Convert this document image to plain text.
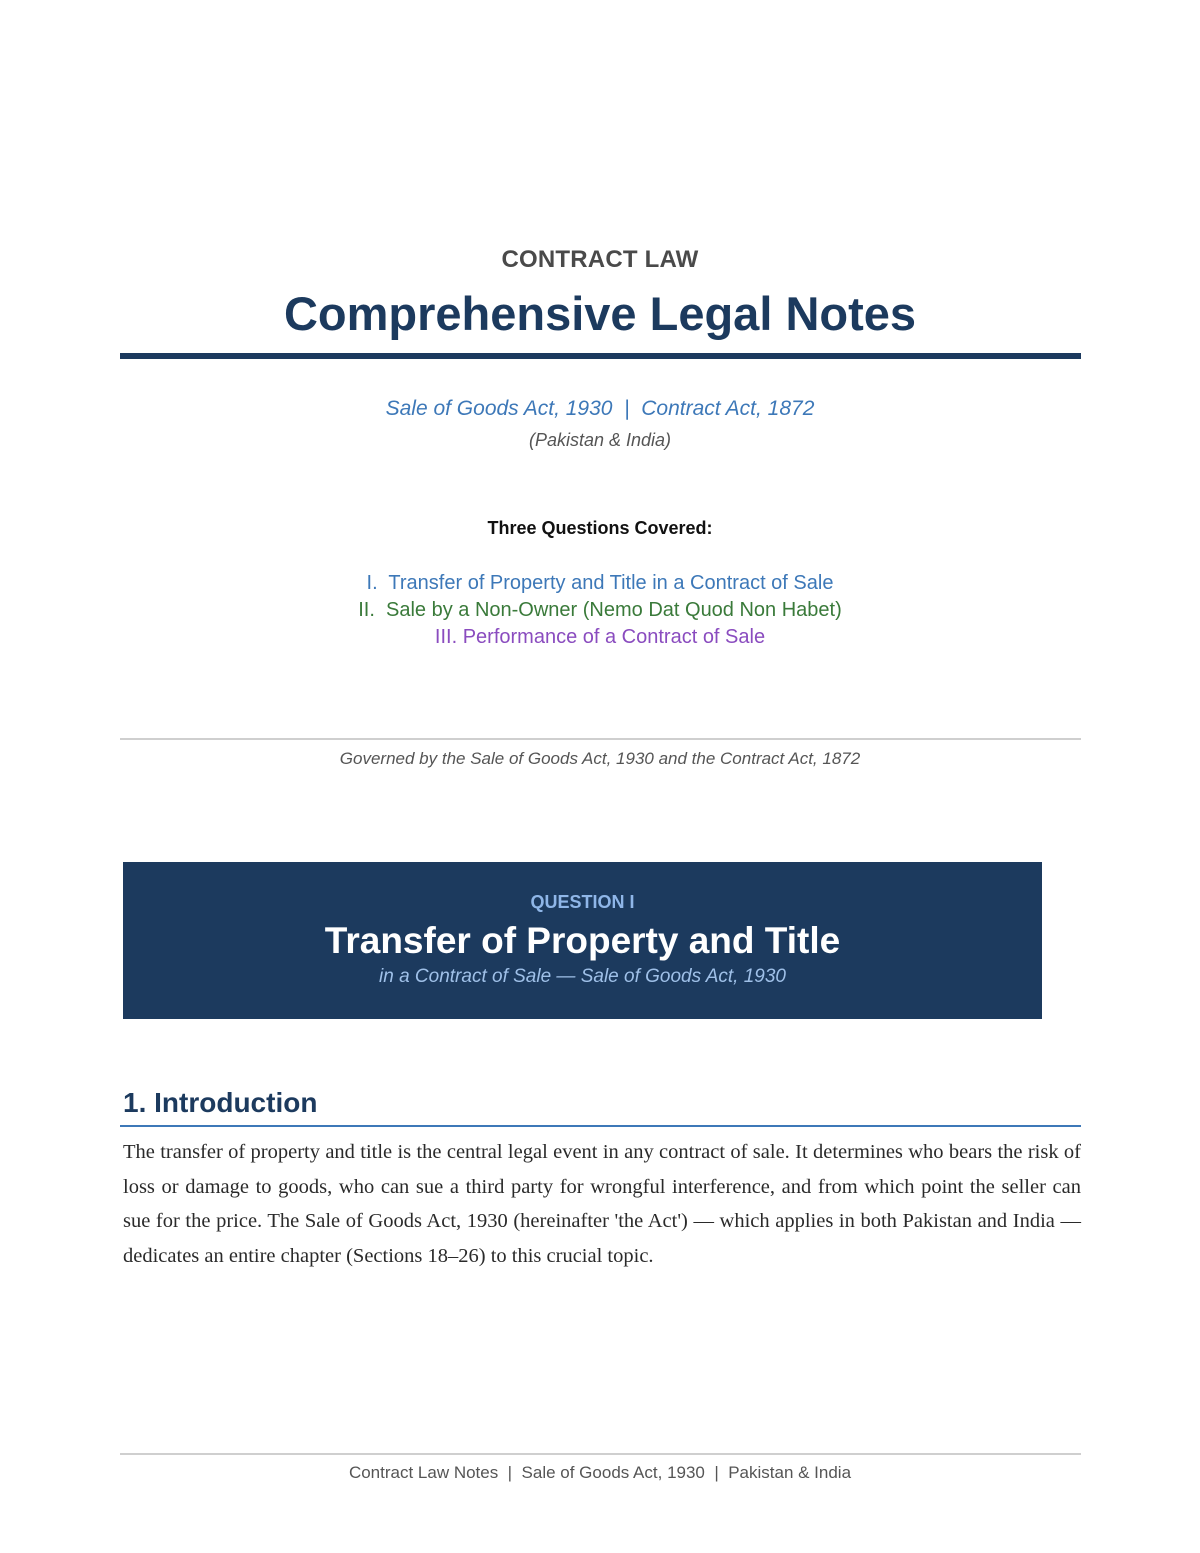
CONTRACT LAW
Comprehensive Legal Notes
Sale of Goods Act, 1930  |  Contract Act, 1872
(Pakistan & India)
Three Questions Covered:
I.  Transfer of Property and Title in a Contract of Sale
II.  Sale by a Non-Owner (Nemo Dat Quod Non Habet)
III. Performance of a Contract of Sale
Governed by the Sale of Goods Act, 1930 and the Contract Act, 1872
QUESTION I
Transfer of Property and Title
in a Contract of Sale — Sale of Goods Act, 1930
1. Introduction
The transfer of property and title is the central legal event in any contract of sale. It determines who bears the risk of loss or damage to goods, who can sue a third party for wrongful interference, and from which point the seller can sue for the price. The Sale of Goods Act, 1930 (hereinafter 'the Act') — which applies in both Pakistan and India — dedicates an entire chapter (Sections 18–26) to this crucial topic.
Contract Law Notes  |  Sale of Goods Act, 1930  |  Pakistan & India
